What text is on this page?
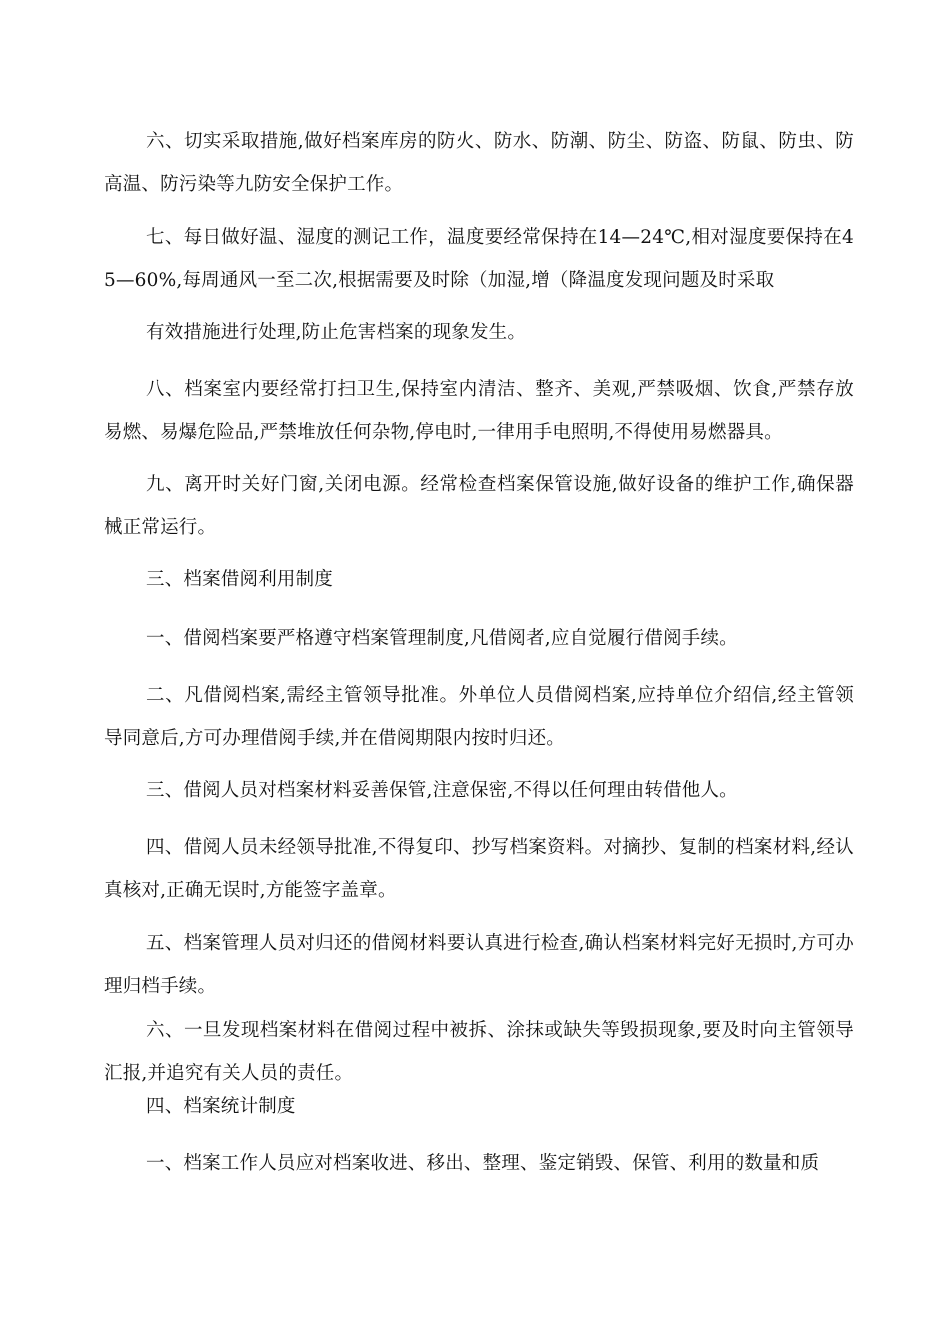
六、切实采取措施,做好档案库房的防火、防水、防潮、防尘、防盗、防鼠、防虫、防高温、防污染等九防安全保护工作。

七、每日做好温、湿度的测记工作，温度要经常保持在14—24℃,相对湿度要保持在45—60%,每周通风一至二次,根据需要及时除（加湿,增（降温度发现问题及时采取

有效措施进行处理,防止危害档案的现象发生。

八、档案室内要经常打扫卫生,保持室内清洁、整齐、美观,严禁吸烟、饮食,严禁存放易燃、易爆危险品,严禁堆放任何杂物,停电时,一律用手电照明,不得使用易燃器具。

九、离开时关好门窗,关闭电源。经常检查档案保管设施,做好设备的维护工作,确保器械正常运行。

三、档案借阅利用制度

一、借阅档案要严格遵守档案管理制度,凡借阅者,应自觉履行借阅手续。

二、凡借阅档案,需经主管领导批准。外单位人员借阅档案,应持单位介绍信,经主管领导同意后,方可办理借阅手续,并在借阅期限内按时归还。

三、借阅人员对档案材料妥善保管,注意保密,不得以任何理由转借他人。

四、借阅人员未经领导批准,不得复印、抄写档案资料。对摘抄、复制的档案材料,经认真核对,正确无误时,方能签字盖章。

五、档案管理人员对归还的借阅材料要认真进行检查,确认档案材料完好无损时,方可办理归档手续。

六、一旦发现档案材料在借阅过程中被拆、涂抹或缺失等毁损现象,要及时向主管领导汇报,并追究有关人员的责任。

四、档案统计制度

一、档案工作人员应对档案收进、移出、整理、鉴定销毁、保管、利用的数量和质
